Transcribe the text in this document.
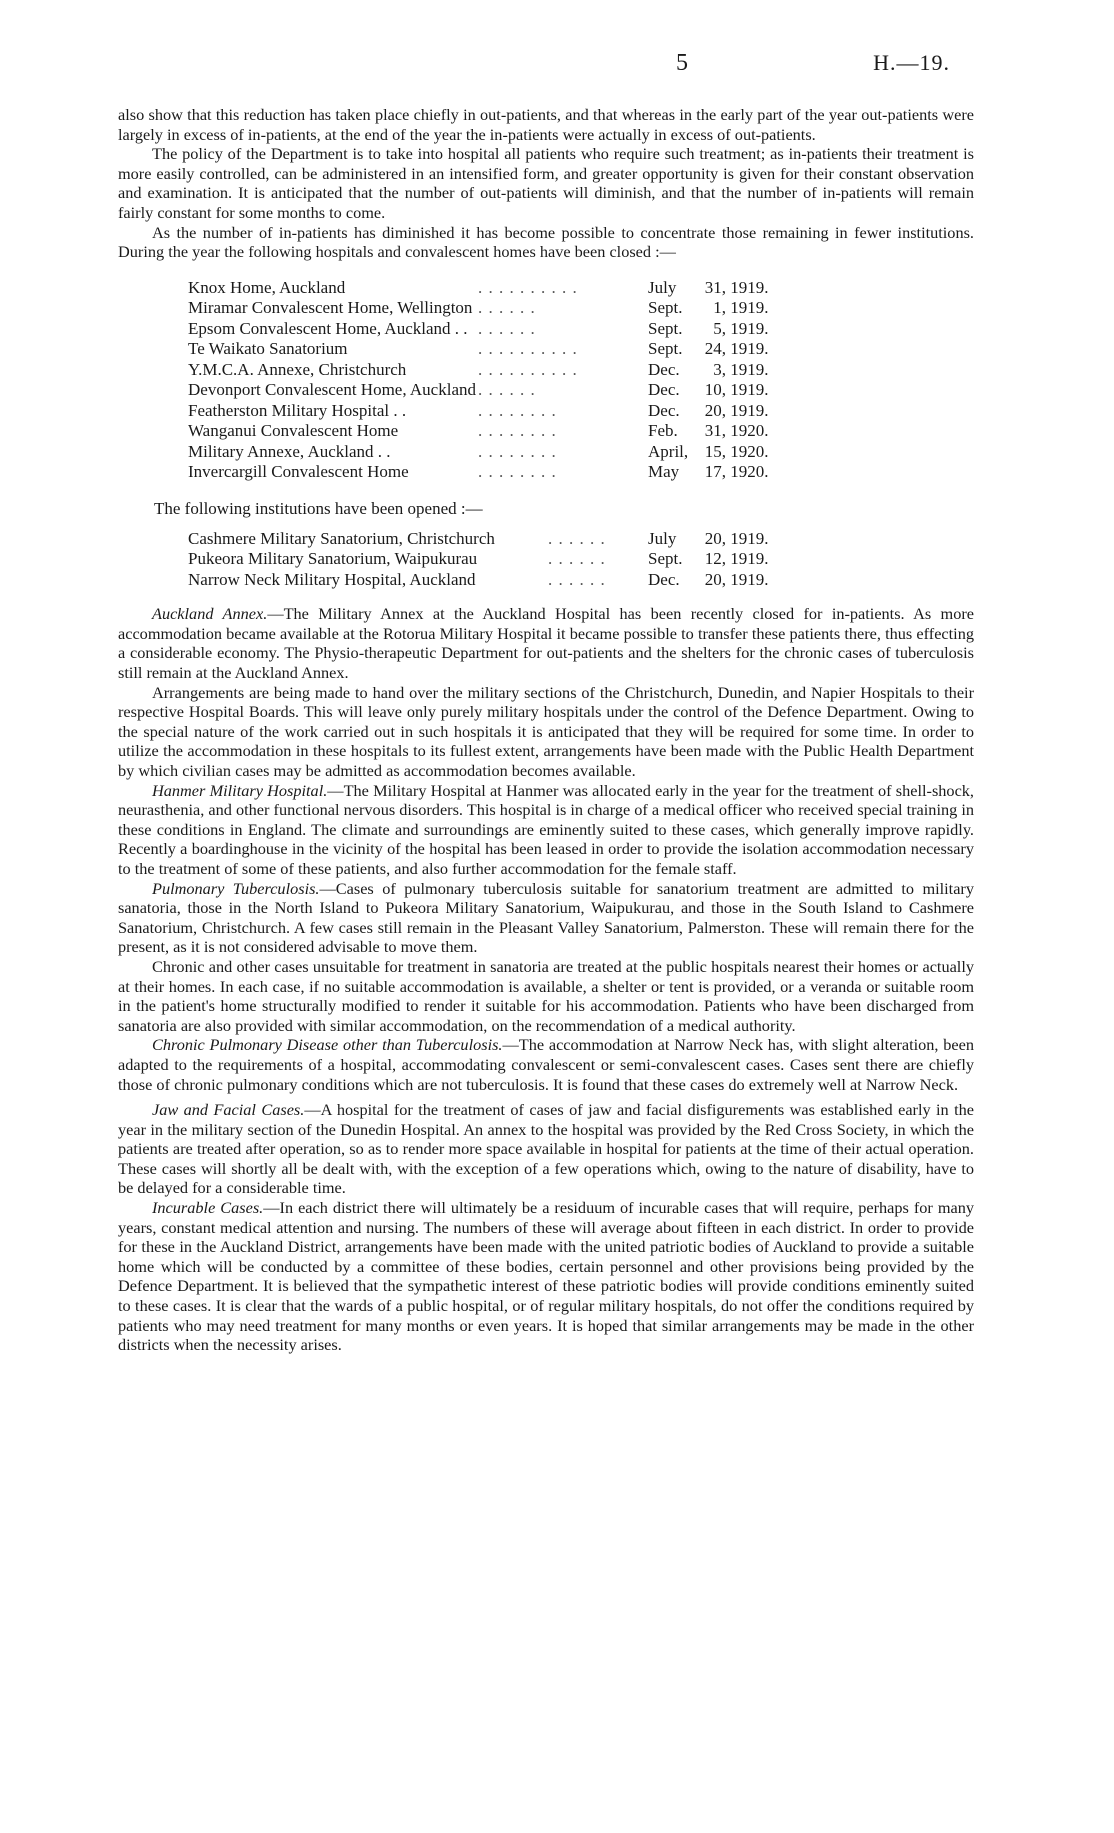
5	H.—19.

also show that this reduction has taken place chiefly in out-patients, and that whereas in the early part of the year out-patients were largely in excess of in-patients, at the end of the year the in-patients were actually in excess of out-patients.

The policy of the Department is to take into hospital all patients who require such treatment; as in-patients their treatment is more easily controlled, can be administered in an intensified form, and greater opportunity is given for their constant observation and examination. It is anticipated that the number of out-patients will diminish, and that the number of in-patients will remain fairly constant for some months to come.

As the number of in-patients has diminished it has become possible to concentrate those remaining in fewer institutions. During the year the following hospitals and convalescent homes have been closed :—

Knox Home, Auckland	. . . . . . . . . .	July	31,	1919.
Miramar Convalescent Home, Wellington	. . . . . .	Sept.	1,	1919.
Epsom Convalescent Home, Auckland . .	. . . . . .	Sept.	5,	1919.
Te Waikato Sanatorium	. . . . . . . . . .	Sept.	24,	1919.
Y.M.C.A. Annexe, Christchurch	. . . . . . . . . .	Dec.	3,	1919.
Devonport Convalescent Home, Auckland	. . . . . .	Dec.	10,	1919.
Featherston Military Hospital . .	. . . . . . . .	Dec.	20,	1919.
Wanganui Convalescent Home	. . . . . . . .	Feb.	31,	1920.
Military Annexe, Auckland . .	. . . . . . . .	April,	15,	1920.
Invercargill Convalescent Home	. . . . . . . .	May	17,	1920.
The following institutions have been opened :—
Cashmere Military Sanatorium, Christchurch	. . . . . .	July	20,	1919.
Pukeora Military Sanatorium, Waipukurau	. . . . . .	Sept.	12,	1919.
Narrow Neck Military Hospital, Auckland	. . . . . .	Dec.	20,	1919.

Auckland Annex.—The Military Annex at the Auckland Hospital has been recently closed for in-patients. As more accommodation became available at the Rotorua Military Hospital it became possible to transfer these patients there, thus effecting a considerable economy. The Physio-therapeutic Department for out-patients and the shelters for the chronic cases of tuberculosis still remain at the Auckland Annex.

Arrangements are being made to hand over the military sections of the Christchurch, Dunedin, and Napier Hospitals to their respective Hospital Boards. This will leave only purely military hospitals under the control of the Defence Department. Owing to the special nature of the work carried out in such hospitals it is anticipated that they will be required for some time. In order to utilize the accommodation in these hospitals to its fullest extent, arrangements have been made with the Public Health Department by which civilian cases may be admitted as accommodation becomes available.

Hanmer Military Hospital.—The Military Hospital at Hanmer was allocated early in the year for the treatment of shell-shock, neurasthenia, and other functional nervous disorders. This hospital is in charge of a medical officer who received special training in these conditions in England. The climate and surroundings are eminently suited to these cases, which generally improve rapidly. Recently a boardinghouse in the vicinity of the hospital has been leased in order to provide the isolation accommodation necessary to the treatment of some of these patients, and also further accommodation for the female staff.

Pulmonary Tuberculosis.—Cases of pulmonary tuberculosis suitable for sanatorium treatment are admitted to military sanatoria, those in the North Island to Pukeora Military Sanatorium, Waipukurau, and those in the South Island to Cashmere Sanatorium, Christchurch. A few cases still remain in the Pleasant Valley Sanatorium, Palmerston. These will remain there for the present, as it is not considered advisable to move them.

Chronic and other cases unsuitable for treatment in sanatoria are treated at the public hospitals nearest their homes or actually at their homes. In each case, if no suitable accommodation is available, a shelter or tent is provided, or a veranda or suitable room in the patient's home structurally modified to render it suitable for his accommodation. Patients who have been discharged from sanatoria are also provided with similar accommodation, on the recommendation of a medical authority.

Chronic Pulmonary Disease other than Tuberculosis.—The accommodation at Narrow Neck has, with slight alteration, been adapted to the requirements of a hospital, accommodating convalescent or semi-convalescent cases. Cases sent there are chiefly those of chronic pulmonary conditions which are not tuberculosis. It is found that these cases do extremely well at Narrow Neck.

Jaw and Facial Cases.—A hospital for the treatment of cases of jaw and facial disfigurements was established early in the year in the military section of the Dunedin Hospital. An annex to the hospital was provided by the Red Cross Society, in which the patients are treated after operation, so as to render more space available in hospital for patients at the time of their actual operation. These cases will shortly all be dealt with, with the exception of a few operations which, owing to the nature of disability, have to be delayed for a considerable time.

Incurable Cases.—In each district there will ultimately be a residuum of incurable cases that will require, perhaps for many years, constant medical attention and nursing. The numbers of these will average about fifteen in each district. In order to provide for these in the Auckland District, arrangements have been made with the united patriotic bodies of Auckland to provide a suitable home which will be conducted by a committee of these bodies, certain personnel and other provisions being provided by the Defence Department. It is believed that the sympathetic interest of these patriotic bodies will provide conditions eminently suited to these cases. It is clear that the wards of a public hospital, or of regular military hospitals, do not offer the conditions required by patients who may need treatment for many months or even years. It is hoped that similar arrangements may be made in the other districts when the necessity arises.
